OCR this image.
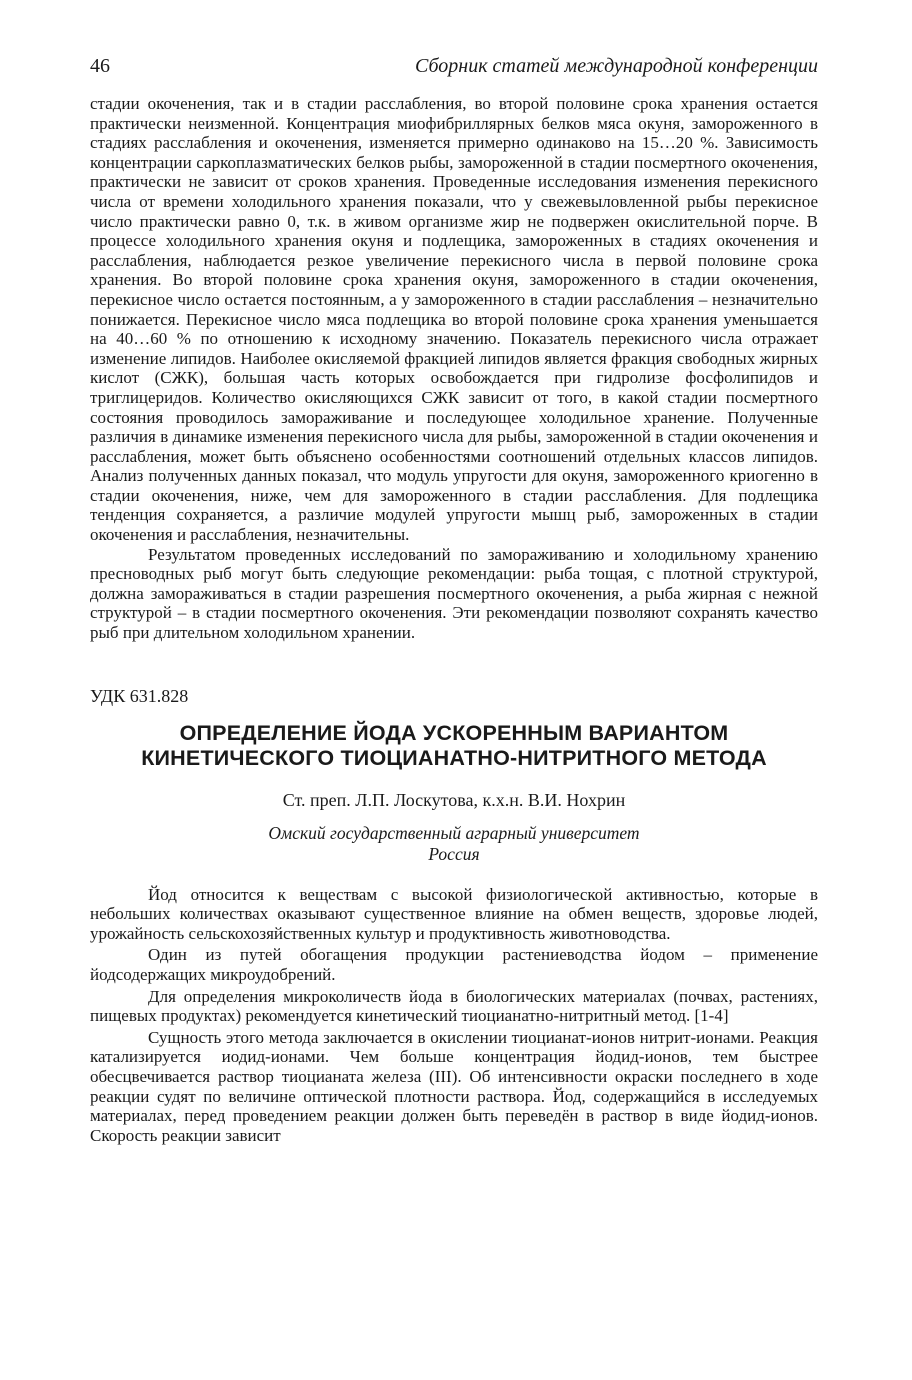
46	Сборник статей международной конференции

стадии окоченения, так и в стадии расслабления, во второй половине срока хранения остается практически неизменной. Концентрация миофибриллярных белков мяса окуня, замороженного в стадиях расслабления и окоченения, изменяется примерно одинаково на 15…20 %. Зависимость концентрации саркоплазматических белков рыбы, замороженной в стадии посмертного окоченения, практически не зависит от сроков хранения. Проведенные исследования изменения перекисного числа от времени холодильного хранения показали, что у свежевыловленной рыбы перекисное число практически равно 0, т.к. в живом организме жир не подвержен окислительной порче. В процессе холодильного хранения окуня и подлещика, замороженных в стадиях окоченения и расслабления, наблюдается резкое увеличение перекисного числа в первой половине срока хранения. Во второй половине срока хранения окуня, замороженного в стадии окоченения, перекисное число остается постоянным, а у замороженного в стадии расслабления – незначительно понижается. Перекисное число мяса подлещика во второй половине срока хранения уменьшается на 40…60 % по отношению к исходному значению. Показатель перекисного числа отражает изменение липидов. Наиболее окисляемой фракцией липидов является фракция свободных жирных кислот (СЖК), большая часть которых освобождается при гидролизе фосфолипидов и триглицеридов. Количество окисляющихся СЖК зависит от того, в какой стадии посмертного состояния проводилось замораживание и последующее холодильное хранение. Полученные различия в динамике изменения перекисного числа для рыбы, замороженной в стадии окоченения и расслабления, может быть объяснено особенностями соотношений отдельных классов липидов. Анализ полученных данных показал, что модуль упругости для окуня, замороженного криогенно в стадии окоченения, ниже, чем для замороженного в стадии расслабления. Для подлещика тенденция сохраняется, а различие модулей упругости мышц рыб, замороженных в стадии окоченения и расслабления, незначительны.

Результатом проведенных исследований по замораживанию и холодильному хранению пресноводных рыб могут быть следующие рекомендации: рыба тощая, с плотной структурой, должна замораживаться в стадии разрешения посмертного окоченения, а рыба жирная с нежной структурой – в стадии посмертного окоченения. Эти рекомендации позволяют сохранять качество рыб при длительном холодильном хранении.

УДК 631.828
ОПРЕДЕЛЕНИЕ ЙОДА УСКОРЕННЫМ ВАРИАНТОМ
КИНЕТИЧЕСКОГО ТИОЦИАНАТНО-НИТРИТНОГО МЕТОДА
Ст. преп. Л.П. Лоскутова, к.х.н. В.И. Нохрин
Омский государственный аграрный университет
Россия

Йод относится к веществам с высокой физиологической активностью, которые в небольших количествах оказывают существенное влияние на обмен веществ, здоровье людей, урожайность сельскохозяйственных культур и продуктивность животноводства.

Один из путей обогащения продукции растениеводства йодом – применение йодсодержащих микроудобрений.

Для определения микроколичеств йода в биологических материалах (почвах, растениях, пищевых продуктах) рекомендуется кинетический тиоцианатно-нитритный метод. [1-4]

Сущность этого метода заключается в окислении тиоцианат-ионов нитрит-ионами. Реакция катализируется иодид-ионами. Чем больше концентрация йодид-ионов, тем быстрее обесцвечивается раствор тиоцианата железа (III). Об интенсивности окраски последнего в ходе реакции судят по величине оптической плотности раствора. Йод, содержащийся в исследуемых материалах, перед проведением реакции должен быть переведён в раствор в виде йодид-ионов. Скорость реакции зависит
